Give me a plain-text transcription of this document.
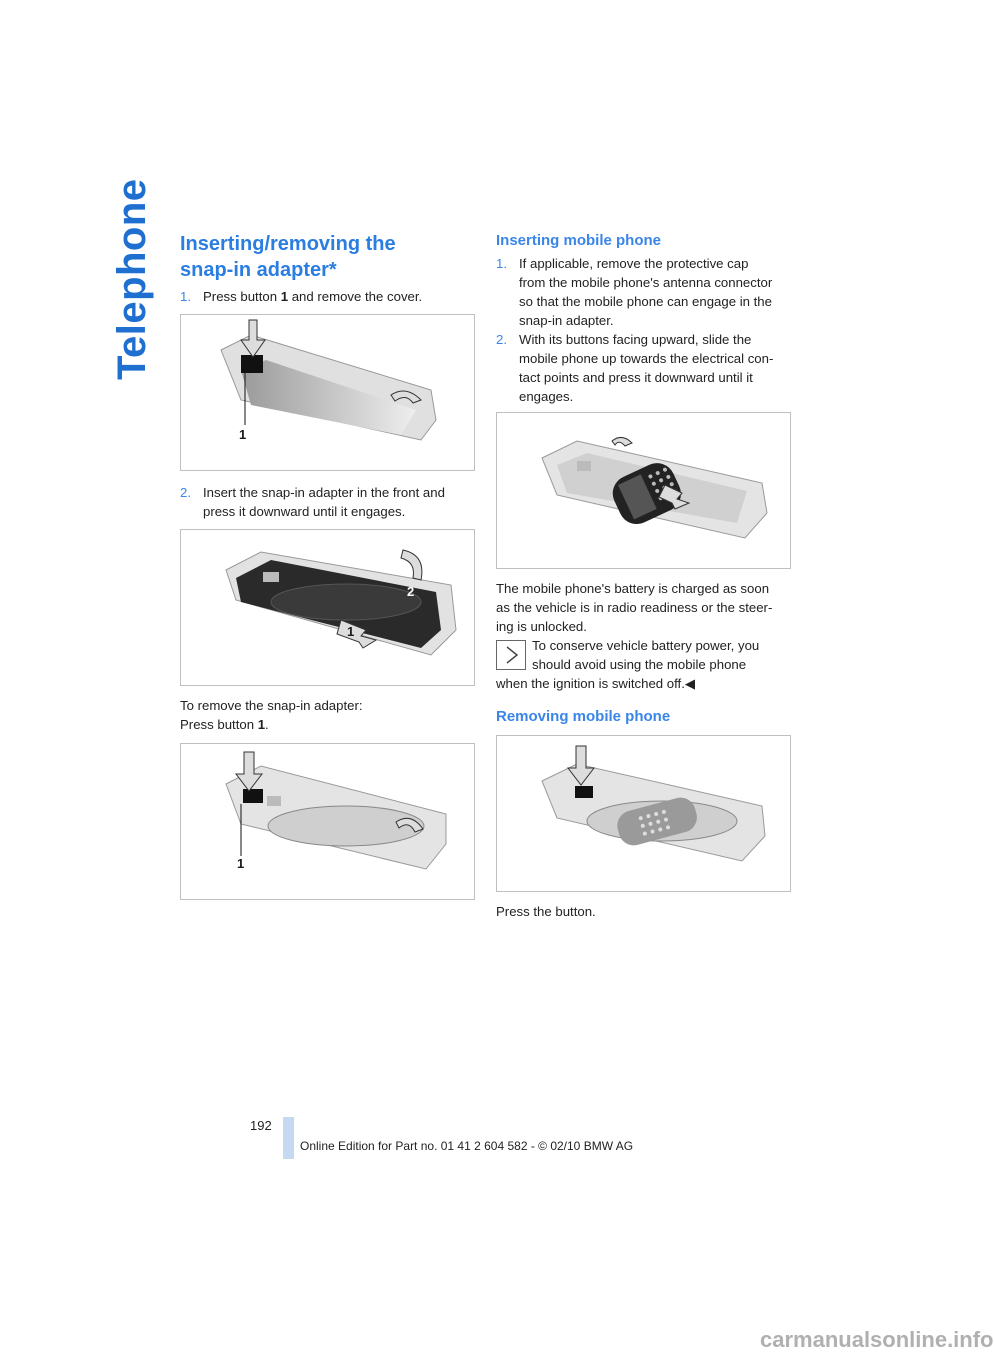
Telephone Inserting/removing the
snap-in adapter*
1. Press button 1 and remove the cover.
1
2. Insert the snap-in adapter in the front and
press it downward until it engages.
2
1
To remove the snap-in adapter:
Press button 1.
1
Inserting mobile phone
1. If applicable, remove the protective cap
from the mobile phone's antenna connector
so that the mobile phone can engage in the
snap-in adapter.
2. With its buttons facing upward, slide the
mobile phone up towards the electrical con-
tact points and press it downward until it
engages.
The mobile phone's battery is charged as soon
as the vehicle is in radio readiness or the steer-
ing is unlocked.
To conserve vehicle battery power, you
should avoid using the mobile phone
when the ignition is switched off.◀
Removing mobile phone
Press the button.
192
Online Edition for Part no. 01 41 2 604 582 - © 02/10 BMW AG
carmanualsonline.info
